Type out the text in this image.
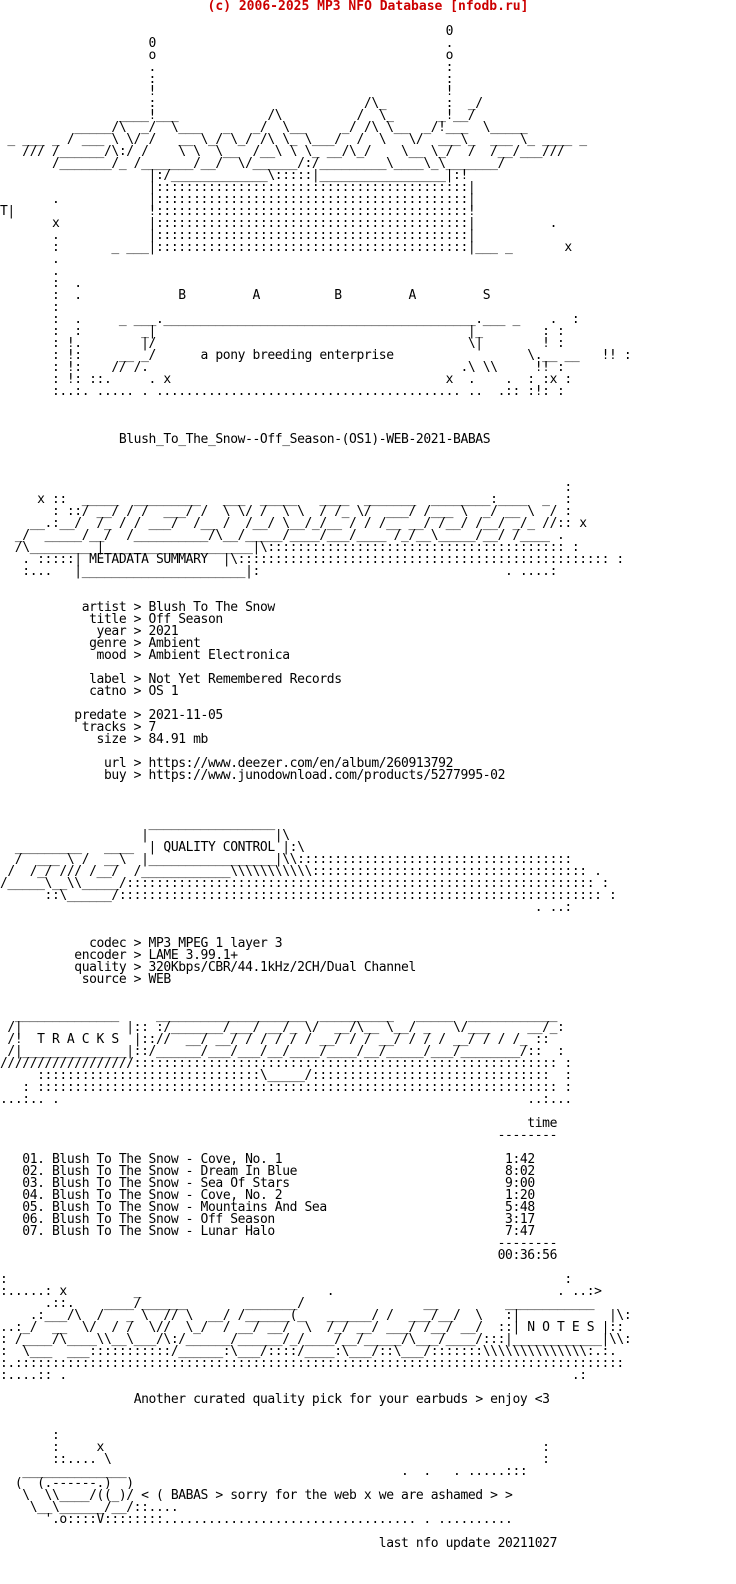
(c) 2006-2025 MP3 NFO Database [nfodb.ru]

0
0                                       .
o                                       o
.                                       :
:                                       :
!                                       !
:                            /\_        :  _/
____!___            /\          /  \_      _!__/
_____/\  _/  \___   _   _/  \__     _/ /\ \__  _/!___  \_____
_ ___ _ / ___ \ \/ /   __ \_/ \_/ /\ \_ \___/  /  \   \/  ___\_  ___ \_ ____ _
/// /______/\:/ /    \ \  \__  /__\ \ \_ __/\_/    \__ \_/  /  /__/___///
/_______/_ /_______/__/  \/______/:/_________\____\_\_______/
|:/_____________\:::::|_________________|:!
|::::::::::::::::::::::::::::::::::::::::::|
.            |::::::::::::::::::::::::::::::::::::::::::|
T|                  !::::::::::::::::::::::::::::::::::::::::::!
x            |::::::::::::::::::::::::::::::::::::::::::|          .
.            |::::::::::::::::::::::::::::::::::::::::::|
:       _ ___|::::::::::::::::::::::::::::::::::::::::::|___ _       x
.
.
:  .
:  .             B         A          B         A         S
:
:  .     _ ___.__________________________________________.___ _    .  :
:  :        _|                                          |_        : :
: !.        |/                                          \|        ! :
: !:     __ _/      a pony breeding enterprise	\.__ __   !! :
: !:    // /.                                          .\ \\     !! :
: !: ::.     . x                                     x  .    .  : :x :
:..:. ..... . ......................................... ..  .:: :!: :

Blush_To_The_Snow--Off_Season-(OS1)-WEB-2021-BABAS

:
x ::  _____  _________   ___  _____   ____  _______  ________:____  _  :
: ::/ __/ / /  ___/ /  \ \/ /  \ \  / /_ \/  ___/ /___ \  _/ __ \  / :
__.:__/  /_ / / ___/  /__ /  /__/ \__/_/__ / / /__ __/ /__/ /__/ _/_ //:: x
_/  _____/__/  /__________/\__/_____/____/___/____ /_/__\_____/__/ /____ .
/\________ |____________________|\:::::::::::::::::::::::::::::::::::::::: :
. :::::| METADATA SUMMARY  |\:::::::::::::::::::::::::::::::::::::::::::::::::: :
:...   |______________________|:                                 . ....:

artist > Blush To The Snow
title > Off Season
year > 2021
genre > Ambient
mood > Ambient Electronica

label > Not Yet Remembered Records
catno > OS 1

predate > 2021-11-05
tracks > 7
size > 84.91 mb

url > https://www.deezer.com/en/album/260913792
buy > https://www.junodownload.com/products/5277995-02

_________________
|                 |\
_________   ____  | QUALITY CONTROL |:\
/  ___ \ /  __\  |_________________|\\:::::::::::::::::::::::::::::::::::::
/  /_/ /// /__/  /____________\\\\\\\\\\\::::::::::::::::::::::::::::::::::::: .
/_____\__\\_____/::::::::::::::::::::::::::::::::::::::::::::::::::::::::::::::: :
::\______/::::::::::::::::::::::::::::::::::::::::::::::::::::::::::::::::: :
. ..:

codec > MP3 MPEG 1 layer 3
encoder > LAME 3.99.1+
quality > 320Kbps/CBR/44.1kHz/2CH/Dual Channel
source > WEB

______________     ____________________  __________   _____  ____________
/|              |:: :/_______/___/ __/_ \/  __/\__ \__/ _   \/___     __/_:
/!  T R A C K S  |:://  __/ __/ / / / / / __/ / / __/ / / / __/ / / /_ ::
/|______________|::/______/___/___/__/____/____/__/_____/___/________/::  :
//////////////////::::::::::::::::::::::::::::::::::::::::::::::::::::::::: :
::::::::::::::::::::::::::::::\_____/::::::::::::::::::::::::::::::::  :
: :::::::::::::::::::::::::::::::::::::::::::::::::::::::::::::::::::::: :
...:.. .                                                               ..:...

time
--------

01. Blush To The Snow - Cove, No. 1                              1:42
02. Blush To The Snow - Dream In Blue                            8:02
03. Blush To The Snow - Sea Of Stars                             9:00
04. Blush To The Snow - Cove, No. 2                              1:20
05. Blush To The Snow - Mountains And Sea                        5:48
06. Blush To The Snow - Off Season                               3:17
07. Blush To The Snow - Lunar Halo                               7:47
--------
00:36:56

:                                                                           :
:.....: x         _                         .                              . ..:>
.::.    ____/______        _______/                __         ____________
.:___/\  /   _ \  // \  __/ /______(_   ______/ /  ___/__/  \   :|            |\:
..:_/  __  \/  / /  \//  \_/  / __/ __/  \  /_/ __/ ___/ /__/ __/  ::| N O T E S |::
: /____/\____\\__\___/\:/______/______/_/____/__/_____/\___/____/:::|____________|\\:
:  \___  ___:::::::::::/______:\___/::::/____:\___/::\___/:::::::\\\\\\\\\\\\\\:.:.
:.::::::::::::::::::::::::::::::::::::::::::::::::::::::::::::::::::::::::::::::::::
:....:: .                                                                    .:

Another curated quality pick for your earbuds > enjoy <3

:
:     x                                                           :
::.... \                                                          :
______________                                     .  .   . .....:::
(  (.------.)  )
\  \\____/((_)/ < ( BABAS > sorry for the web x we are ashamed > >
\__\______/__/::....
'.o::::V::::::::.................................. . ..........

last nfo update 20211027
